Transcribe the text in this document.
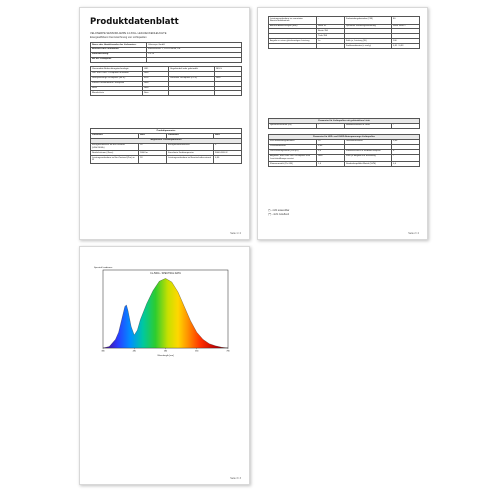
Produktdatenblatt
VELOSERPE SENSORLAMPE 14 ZOLL LED-DECKENLEUCHTE
Energieeffizienz-Kennzeichnung von Lichtquellen
Name oder Handelsmarke des Lieferanten:	Veloserpe GmbH
Anschrift des Lieferanten:	Musterstraße 1, 10115 Berlin, DE
Modellkennung:	VS-14
Art der Lichtquelle	
Verwendete Beleuchtungstechnologie	LED	Ungebündelt oder gebündelt:	NDLS
LED und OLED: Lichtquelle in Betrieb	Nein		
Netzspannungs-Lichtquelle (MLS):	MLS	Vernetzte Lichtquelle (CLS):	Nein
Farblich abstimmbare Lichtquelle	Nein		
Hülle	Nein		
Blendschutz	Nein		
Produktparameter			
Parameter	Wert	Parameter	Wert
Allgemeine Produktparameter			
Energieverbrauch im Ein-Zustand (kWh/1000h)	18	Energieeffizienzklasse	F
Nutzlichtstrom (Φuse)	1600 lm	Korrelierte Farbtemperatur	3000-6500 K
Leistungsaufnahme im Ein-Zustand (Pon) in W	18	Leistungsaufnahme im Bereitschaftszustand	0,50
Seite 1 / 2
Leistungsaufnahme im vernetzten Bereitschaftsbetrieb	-	Farbwiedergabeindex (CRI)	80
Außere Abmessungen (mm)	Höhe 52	Spektrale Strahlungsverteilung	siehe Seite 2
	Breite 350		
	Tiefe 350		
Angabe zu einer gleichwertigen Leistung	Ja	Falls ja, Leistung (W)	100
		Farbkoordinaten (x und y)	0,31 / 0,33
Parameter für Lichtquellen mit gebündeltem Licht
Spitzenlichtstärke (cd)	-	Halbwertswinkel in Grad	-
Parameter für LED- und OLED-Netzspannungs-Lichtquellen			
R9-Farbwiedergabeindex	10	Überlebensfaktor	0,90
Lichtstromerhalt	0,90		
Verschiebungsfaktor (cos φ1)	0,9	Farbkonsistenz in McAdam-Ellipsen	6
Angaben, dass eine LED-Lichtquelle eine Leuchtstofflampe ersetzt	Nein	Falls ja: Angabe zur Ersetzung	-
Flimmermetrik (Pst LM)	1,0	Stroboskopeffekt-Metrik (SVM)	0,4
(*) - nicht anwendbar
(**) - nicht zutreffend
Seite 2 / 2
CL-500A - SPECTRAL DATA
Spectral Irradiance
Wavelength [nm]
380	480	580	680	780
Seite 3 / 3
